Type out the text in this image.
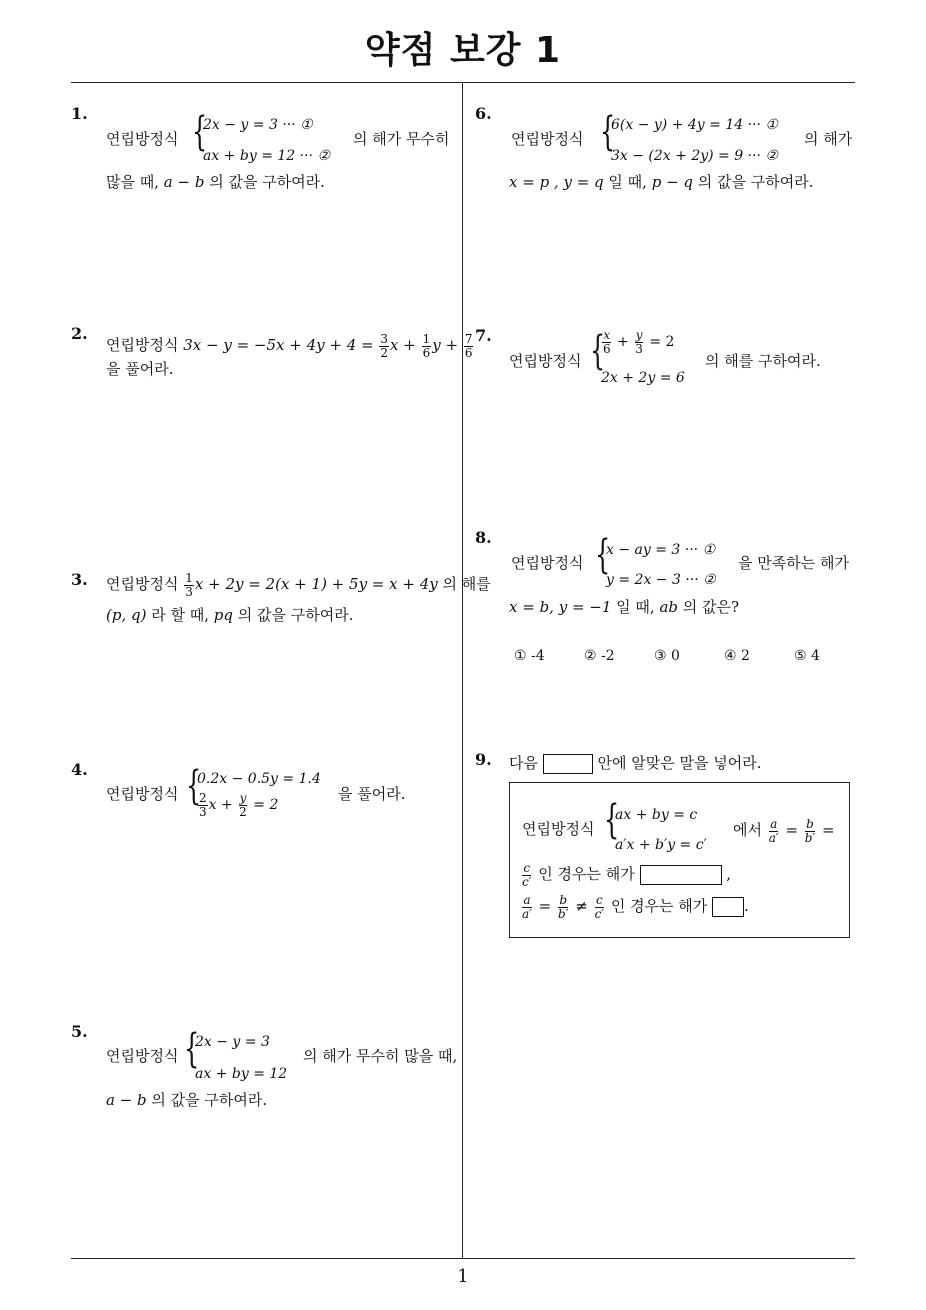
약점 보강 1
1
1.
연립방정식 {
2x − y = 3 ··· ①
ax + by = 12 ··· ②
의 해가 무수히
많을 때, a − b 의 값을 구하여라.
2.
연립방정식 $3x - y = -5x + 4y + 4 = \frac{3}{2}$ $x + \frac{1}{6}$ $y + \frac{7}{6}$
을 풀어라.
3. 연립방정식 $\frac{1}{3}$ x + 2y = 2(x + 1) + 5y = x + 4y 의 해를
(p, q) 라 할 때, pq 의 값을 구하여라.
4.
연립방정식 {
0.2x − 0.5y = 1.4
$\frac{2}{3}$ $x + \frac{y}{2} = 2$
을 풀어라.
5.
연립방정식 {
2x − y = 3
ax + by = 12
의 해가 무수히 많을 때,
a − b 의 값을 구하여라.
6.
연립방정식 {
6(x − y) + 4y = 14 ··· ①
3x − (2x + 2y) = 9 ··· ②
의 해가
x = p , y = q 일 때, p − q 의 값을 구하여라.
7.
연립방정식 {
$\frac{x}{6} + \frac{y}{3} = 2$
2x + 2y = 6
의 해를 구하여라.
8.
연립방정식 {
x − ay = 3 ··· ①
y = 2x − 3 ··· ②
을 만족하는 해가
x = b, y = −1 일 때, ab 의 값은?
① -4	② -2	③ 0	④ 2	⑤ 4
9. 다음	안에 알맞은 말을 넣어라.
연립방정식 {
ax + by = c
a′x + b′y = c′
에서 $\frac{a}{a'} = \frac{b}{b'}$ =
$\frac{c}{c'}$ 인 경우는 해가	,
$\frac{a}{a'} = \frac{b}{b'} \ne \frac{c}{c'}$ 인 경우는 해가 .
